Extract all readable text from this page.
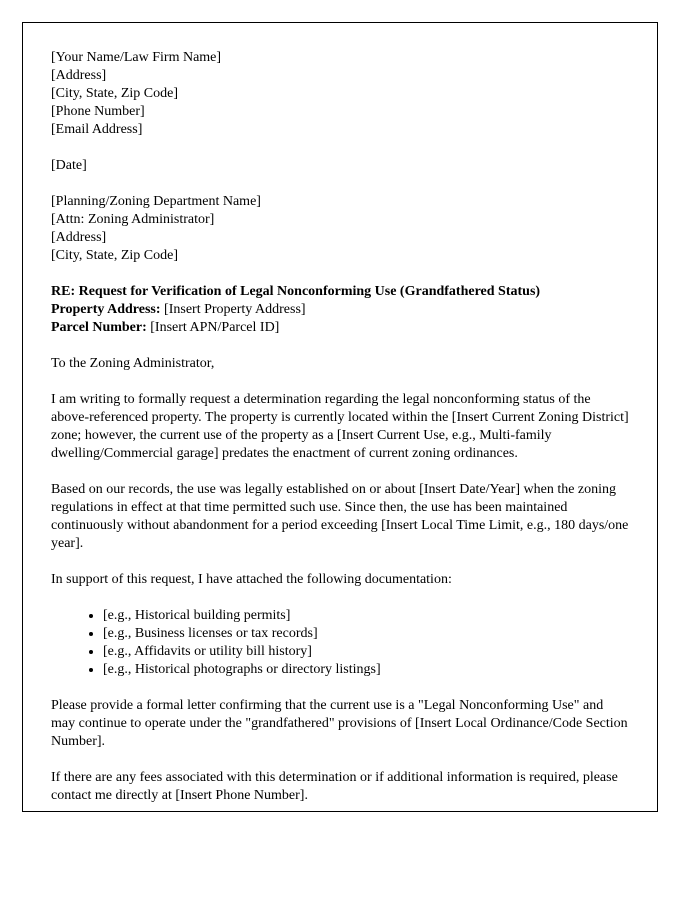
[Your Name/Law Firm Name]
[Address]
[City, State, Zip Code]
[Phone Number]
[Email Address]
[Date]
[Planning/Zoning Department Name]
[Attn: Zoning Administrator]
[Address]
[City, State, Zip Code]
RE: Request for Verification of Legal Nonconforming Use (Grandfathered Status)
Property Address: [Insert Property Address]
Parcel Number: [Insert APN/Parcel ID]

To the Zoning Administrator,

I am writing to formally request a determination regarding the legal nonconforming status of the above-referenced property. The property is currently located within the [Insert Current Zoning District] zone; however, the current use of the property as a [Insert Current Use, e.g., Multi-family dwelling/Commercial garage] predates the enactment of current zoning ordinances.

Based on our records, the use was legally established on or about [Insert Date/Year] when the zoning regulations in effect at that time permitted such use. Since then, the use has been maintained continuously without abandonment for a period exceeding [Insert Local Time Limit, e.g., 180 days/one year].

In support of this request, I have attached the following documentation:

• [e.g., Historical building permits]
• [e.g., Business licenses or tax records]
• [e.g., Affidavits or utility bill history]
• [e.g., Historical photographs or directory listings]

Please provide a formal letter confirming that the current use is a "Legal Nonconforming Use" and may continue to operate under the "grandfathered" provisions of [Insert Local Ordinance/Code Section Number].

If there are any fees associated with this determination or if additional information is required, please contact me directly at [Insert Phone Number].
